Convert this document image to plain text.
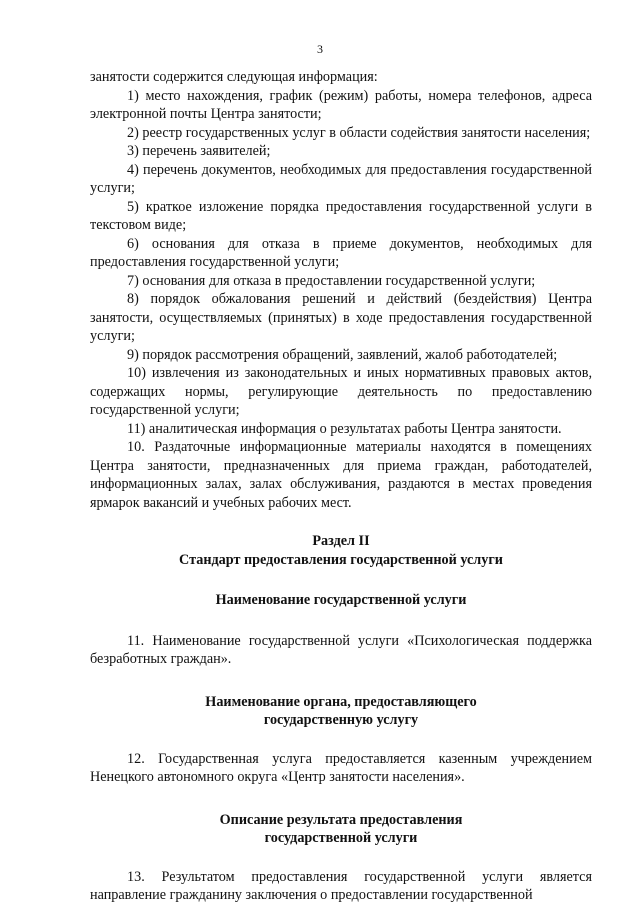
3

занятости содержится следующая информация:

1) место нахождения, график (режим) работы, номера телефонов, адреса электронной почты Центра занятости;

2) реестр государственных услуг в области содействия занятости населения;

3) перечень заявителей;

4) перечень документов, необходимых для предоставления государственной услуги;

5) краткое изложение порядка предоставления государственной услуги в текстовом виде;

6) основания для отказа в приеме документов, необходимых для предоставления государственной услуги;

7) основания для отказа в предоставлении государственной услуги;

8) порядок обжалования решений и действий (бездействия) Центра занятости, осуществляемых (принятых) в ходе предоставления государственной услуги;

9) порядок рассмотрения обращений, заявлений, жалоб работодателей;

10) извлечения из законодательных и иных нормативных правовых актов, содержащих нормы, регулирующие деятельность по предоставлению государственной услуги;

11) аналитическая информация о результатах работы Центра занятости.

10. Раздаточные информационные материалы находятся в помещениях Центра занятости, предназначенных для приема граждан, работодателей, информационных залах, залах обслуживания, раздаются в местах проведения ярмарок вакансий и учебных рабочих мест.

Раздел II

Стандарт предоставления государственной услуги

Наименование государственной услуги

11. Наименование государственной услуги «Психологическая поддержка безработных граждан».

Наименование органа, предоставляющего

государственную услугу

12. Государственная услуга предоставляется казенным учреждением Ненецкого автономного округа «Центр занятости населения».

Описание результата предоставления

государственной услуги

13. Результатом предоставления государственной услуги является направление гражданину заключения о предоставлении государственной
